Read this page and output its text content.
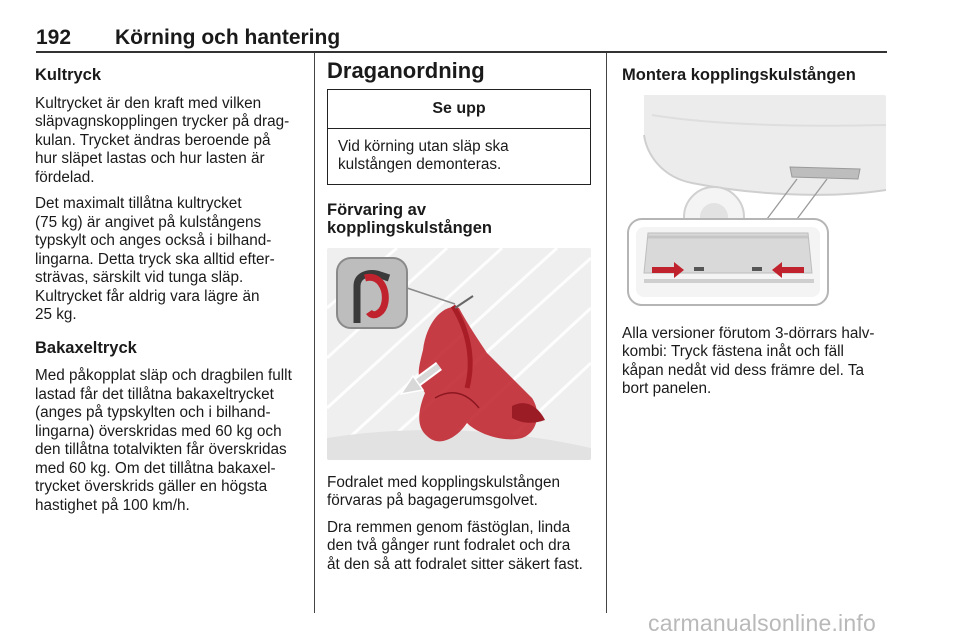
192 Körning och hantering
Kultryck

Kultrycket är den kraft med vilken
släpvagnskopplingen trycker på drag-
kulan. Trycket ändras beroende på
hur släpet lastas och hur lasten är
fördelad.

Det maximalt tillåtna kultrycket
(75 kg) är angivet på kulstångens
typskylt och anges också i bilhand-
lingarna. Detta tryck ska alltid efter-
strävas, särskilt vid tunga släp.
Kultrycket får aldrig vara lägre än
25 kg.

Bakaxeltryck

Med påkopplat släp och dragbilen fullt
lastad får det tillåtna bakaxeltrycket
(anges på typskylten och i bilhand-
lingarna) överskridas med 60 kg och
den tillåtna totalvikten får överskridas
med 60 kg. Om det tillåtna bakaxel-
trycket överskrids gäller en högsta
hastighet på 100 km/h.

Draganordning
Se upp
Vid körning utan släp ska
kulstången demonteras.
Förvaring av kopplingskulstången

Fodralet med kopplingskulstången
förvaras på bagagerumsgolvet.

Dra remmen genom fästöglan, linda
den två gånger runt fodralet och dra
åt den så att fodralet sitter säkert fast.

Montera kopplingskulstången

Alla versioner förutom 3-dörrars halv-
kombi: Tryck fästena inåt och fäll
kåpan nedåt vid dess främre del. Ta
bort panelen.

carmanualsonline.info
